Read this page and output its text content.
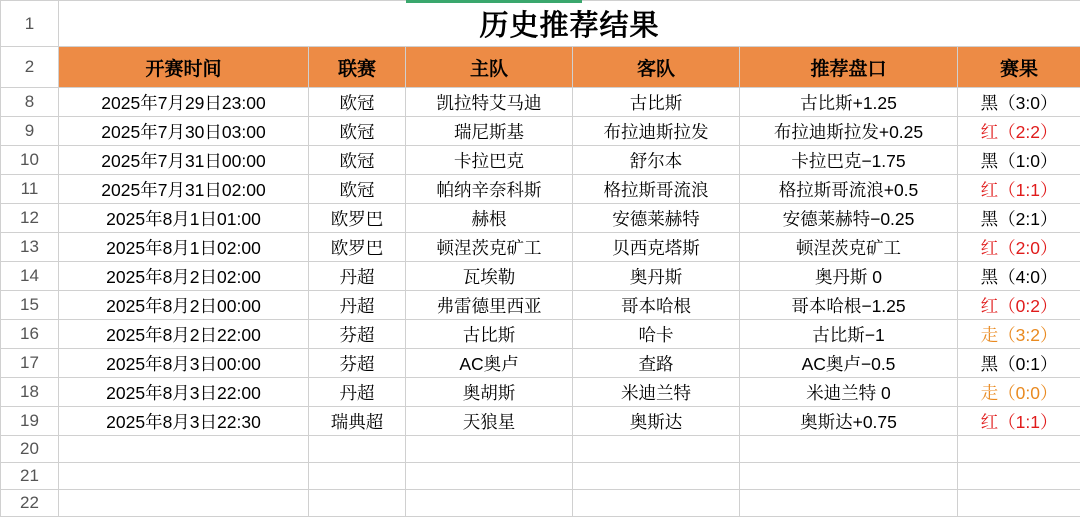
1	历史推荐结果					
2	开赛时间	联赛	主队	客队	推荐盘口	赛果
8	2025年7月29日23:00	欧冠	凯拉特艾马迪	古比斯	古比斯+1.25	黑（3:0）
9	2025年7月30日03:00	欧冠	瑞尼斯基	布拉迪斯拉发	布拉迪斯拉发+0.25	红（2:2）
10	2025年7月31日00:00	欧冠	卡拉巴克	舒尔本	卡拉巴克−1.75	黑（1:0）
11	2025年7月31日02:00	欧冠	帕纳辛奈科斯	格拉斯哥流浪	格拉斯哥流浪+0.5	红（1:1）
12	2025年8月1日01:00	欧罗巴	赫根	安德莱赫特	安德莱赫特−0.25	黑（2:1）
13	2025年8月1日02:00	欧罗巴	顿涅茨克矿工	贝西克塔斯	顿涅茨克矿工	红（2:0）
14	2025年8月2日02:00	丹超	瓦埃勒	奥丹斯	奥丹斯 0	黑（4:0）
15	2025年8月2日00:00	丹超	弗雷德里西亚	哥本哈根	哥本哈根−1.25	红（0:2）
16	2025年8月2日22:00	芬超	古比斯	哈卡	古比斯−1	走（3:2）
17	2025年8月3日00:00	芬超	AC奥卢	查路	AC奥卢−0.5	黑（0:1）
18	2025年8月3日22:00	丹超	奥胡斯	米迪兰特	米迪兰特 0	走（0:0）
19	2025年8月3日22:30	瑞典超	天狼星	奥斯达	奥斯达+0.75	红（1:1）
20						
21						
22						
